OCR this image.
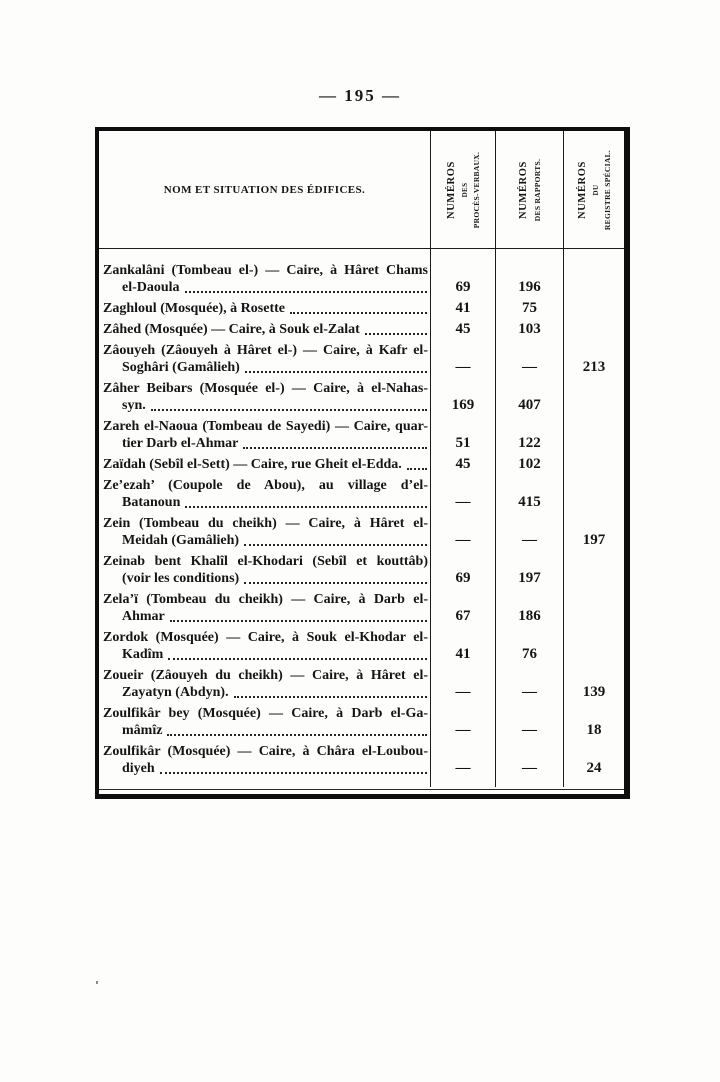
— 195 —
NOM ET SITUATION DES ÉDIFICES.	NUMÉROS DES PROCÈS-VERBAUX.	NUMÉROS DES RAPPORTS.	NUMÉROS DU REGISTRE SPÉCIAL.
Zankalâni (Tombeau el-) — Caire, à Hâret Chams
el-Daoula	69	196
Zaghloul (Mosquée), à Rosette	41	75
Zâhed (Mosquée) — Caire, à Souk el-Zalat	45	103
Zâouyeh (Zâouyeh à Hâret el-) — Caire, à Kafr el-
Soghâri (Gamâlieh)	—	—	213
Zâher Beibars (Mosquée el-) — Caire, à el-Nahas-
syn.	169	407
Zareh el-Naoua (Tombeau de Sayedi) — Caire, quar-
tier Darb el-Ahmar	51	122
Zaïdah (Sebîl el-Sett) — Caire, rue Gheit el-Edda.	45	102
Ze’ezah’ (Coupole de Abou), au village d’el-
Batanoun	—	415
Zein (Tombeau du cheikh) — Caire, à Hâret el-
Meidah (Gamâlieh)	—	—	197
Zeinab bent Khalîl el-Khodari (Sebîl et kouttâb)
(voir les conditions)	69	197
Zela’ï (Tombeau du cheikh) — Caire, à Darb el-
Ahmar	67	186
Zordok (Mosquée) — Caire, à Souk el-Khodar el-
Kadîm	41	76
Zoueir (Zâouyeh du cheikh) — Caire, à Hâret el-
Zayatyn (Abdyn).	—	—	139
Zoulfikâr bey (Mosquée) — Caire, à Darb el-Ga-
mâmîz	—	—	18
Zoulfikâr (Mosquée) — Caire, à Châra el-Loubou-
diyeh	—	—	24
